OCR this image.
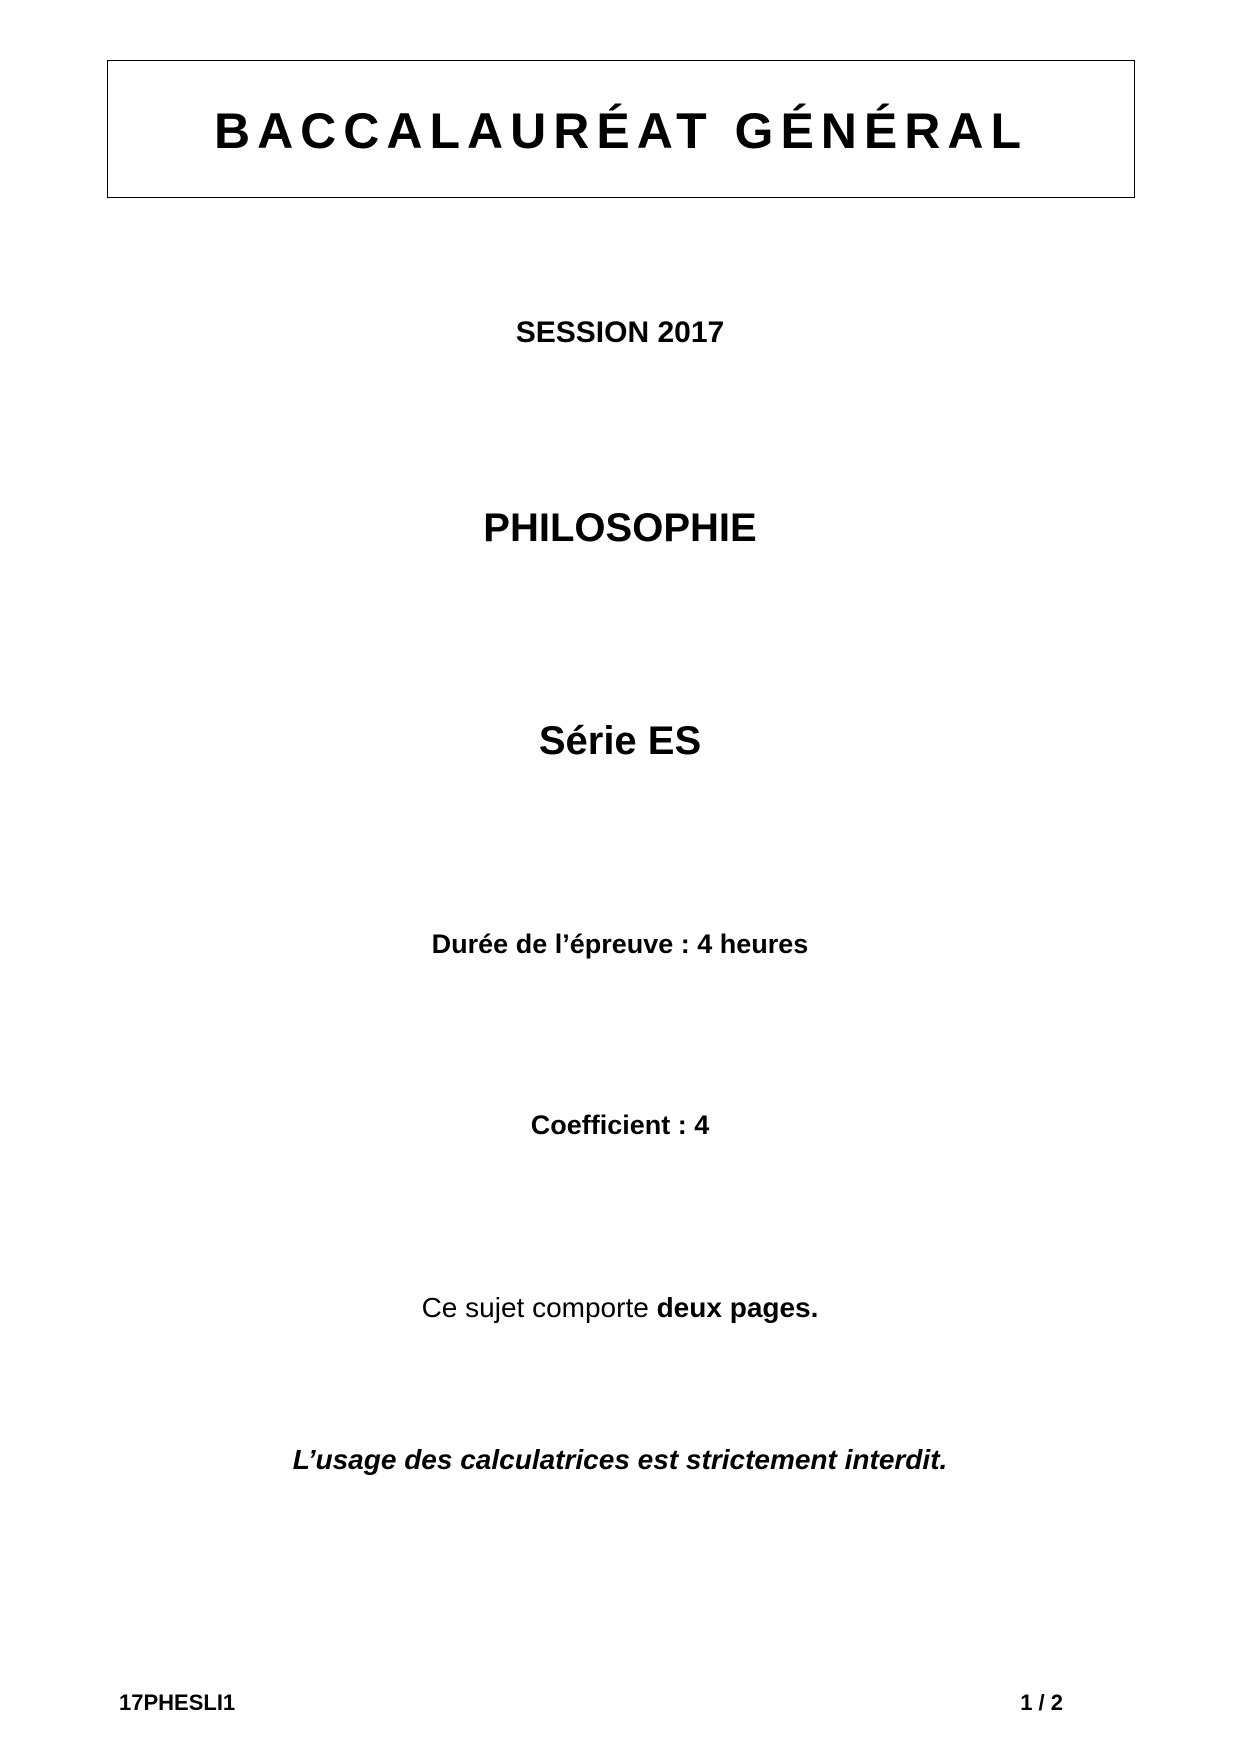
BACCALAURÉAT GÉNÉRAL
SESSION 2017
PHILOSOPHIE
Série ES
Durée de l’épreuve : 4 heures
Coefficient : 4
Ce sujet comporte deux pages.
L’usage des calculatrices est strictement interdit.
17PHESLI1	1 / 2
